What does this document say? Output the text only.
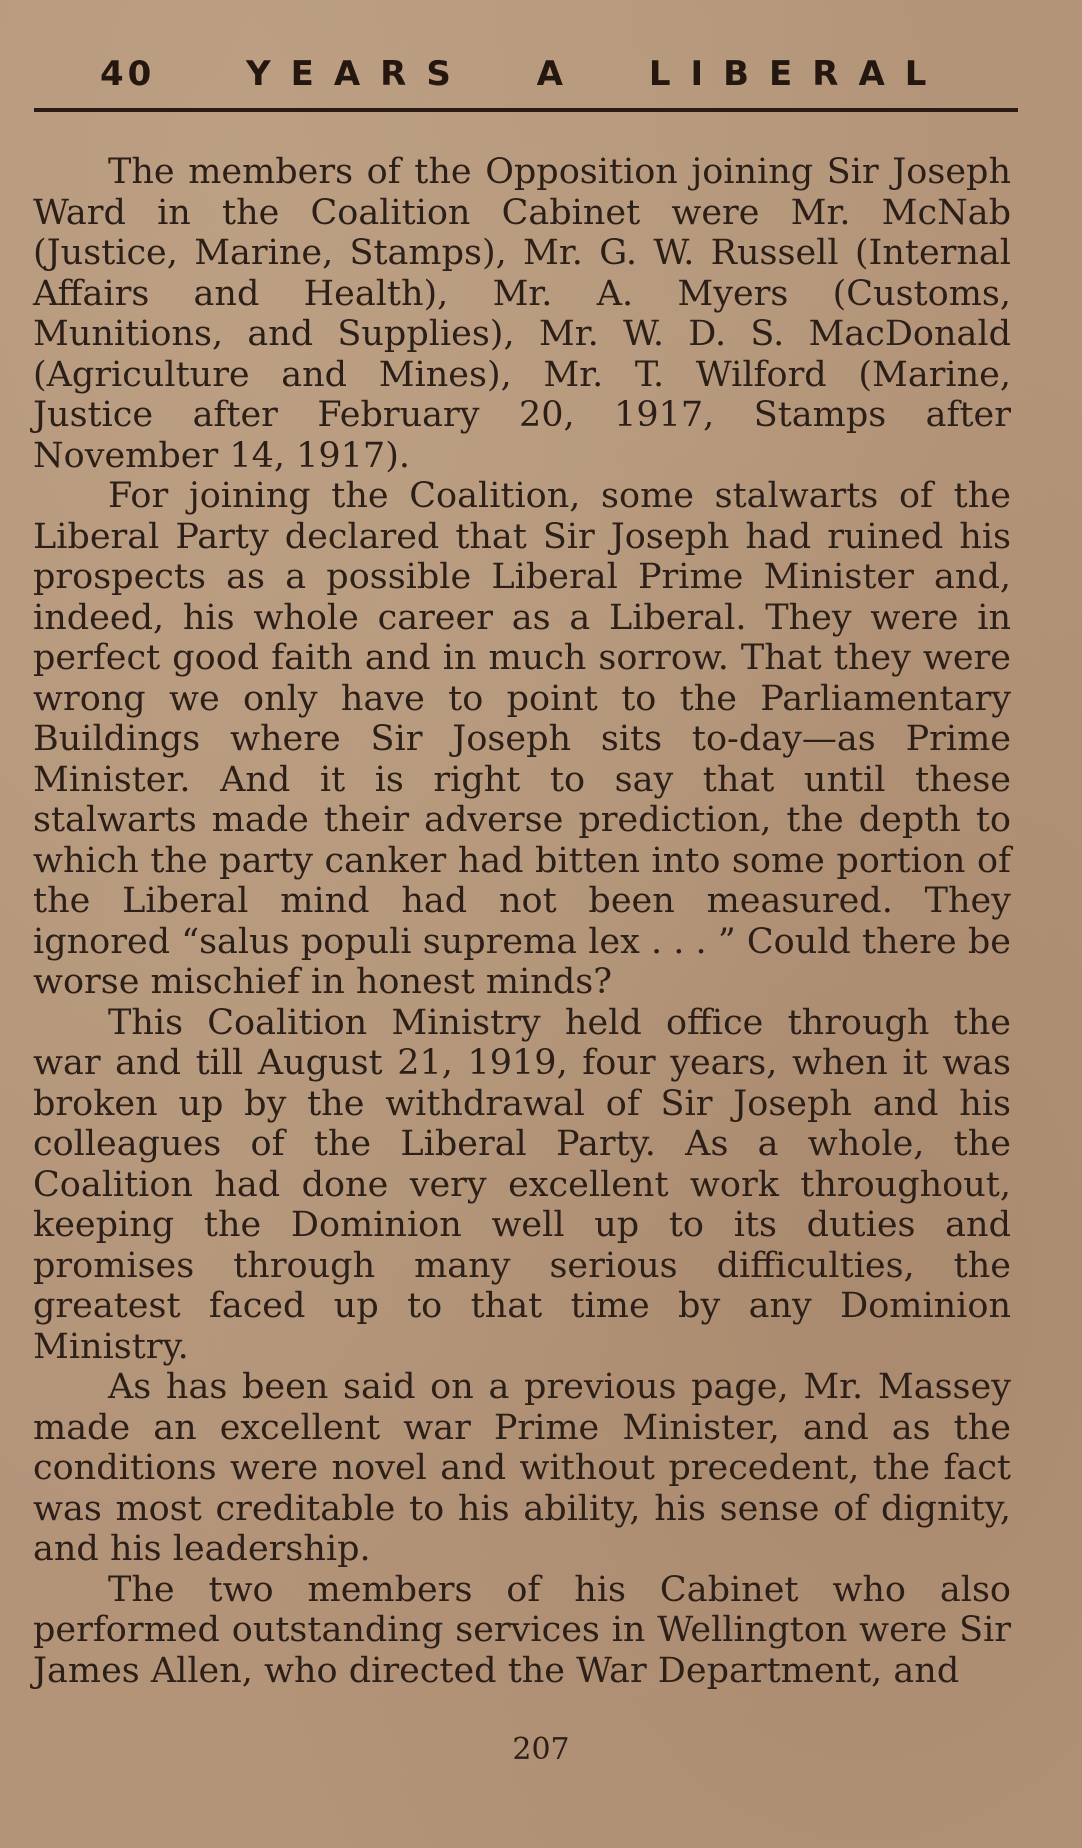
40	YEARS A LIBERAL

The members of the Opposition joining Sir Joseph Ward in the Coalition Cabinet were Mr. McNab (Justice, Marine, Stamps), Mr. G. W. Russell (Internal Affairs and Health), Mr. A. Myers (Customs, Munitions, and Supplies), Mr. W. D. S. MacDonald (Agriculture and Mines), Mr. T. Wilford (Marine, Justice after February 20, 1917, Stamps after November 14, 1917).

For joining the Coalition, some stalwarts of the Liberal Party declared that Sir Joseph had ruined his prospects as a possible Liberal Prime Minister and, indeed, his whole career as a Liberal. They were in perfect good faith and in much sorrow. That they were wrong we only have to point to the Parliamentary Buildings where Sir Joseph sits to-day—as Prime Minister. And it is right to say that until these stalwarts made their adverse prediction, the depth to which the party canker had bitten into some portion of the Liberal mind had not been measured. They ignored “salus populi suprema lex . . . ” Could there be worse mischief in honest minds?

This Coalition Ministry held office through the war and till August 21, 1919, four years, when it was broken up by the withdrawal of Sir Joseph and his colleagues of the Liberal Party. As a whole, the Coalition had done very excellent work throughout, keeping the Dominion well up to its duties and promises through many serious difficulties, the greatest faced up to that time by any Dominion Ministry.

As has been said on a previous page, Mr. Massey made an excellent war Prime Minister, and as the conditions were novel and without precedent, the fact was most creditable to his ability, his sense of dignity, and his leadership.

The two members of his Cabinet who also performed outstanding services in Wellington were Sir James Allen, who directed the War Department, and

207
